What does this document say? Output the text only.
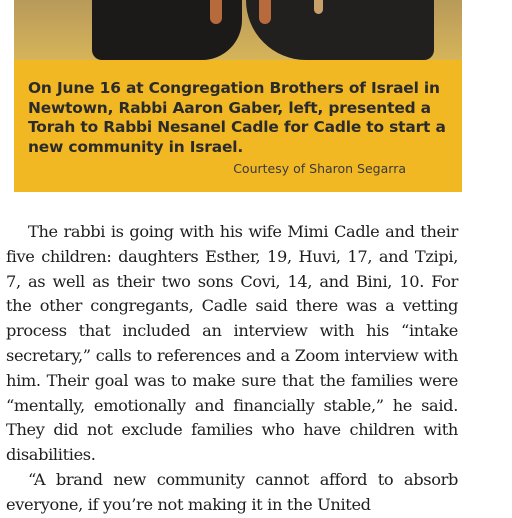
On June 16 at Congregation Brothers of Israel in Newtown, Rabbi Aaron Gaber, left, presented a Torah to Rabbi Nesanel Cadle for Cadle to start a new community in Israel.
Courtesy of Sharon Segarra

The rabbi is going with his wife Mimi Cadle and their five children: daughters Esther, 19, Huvi, 17, and Tzipi, 7, as well as their two sons Covi, 14, and Bini, 10. For the other congregants, Cadle said there was a vetting process that included an interview with his “intake secretary,” calls to references and a Zoom interview with him. Their goal was to make sure that the families were “mentally, emotionally and financially stable,” he said. They did not exclude families who have children with disabilities.

“A brand new community cannot afford to absorb everyone, if you’re not making it in the United
